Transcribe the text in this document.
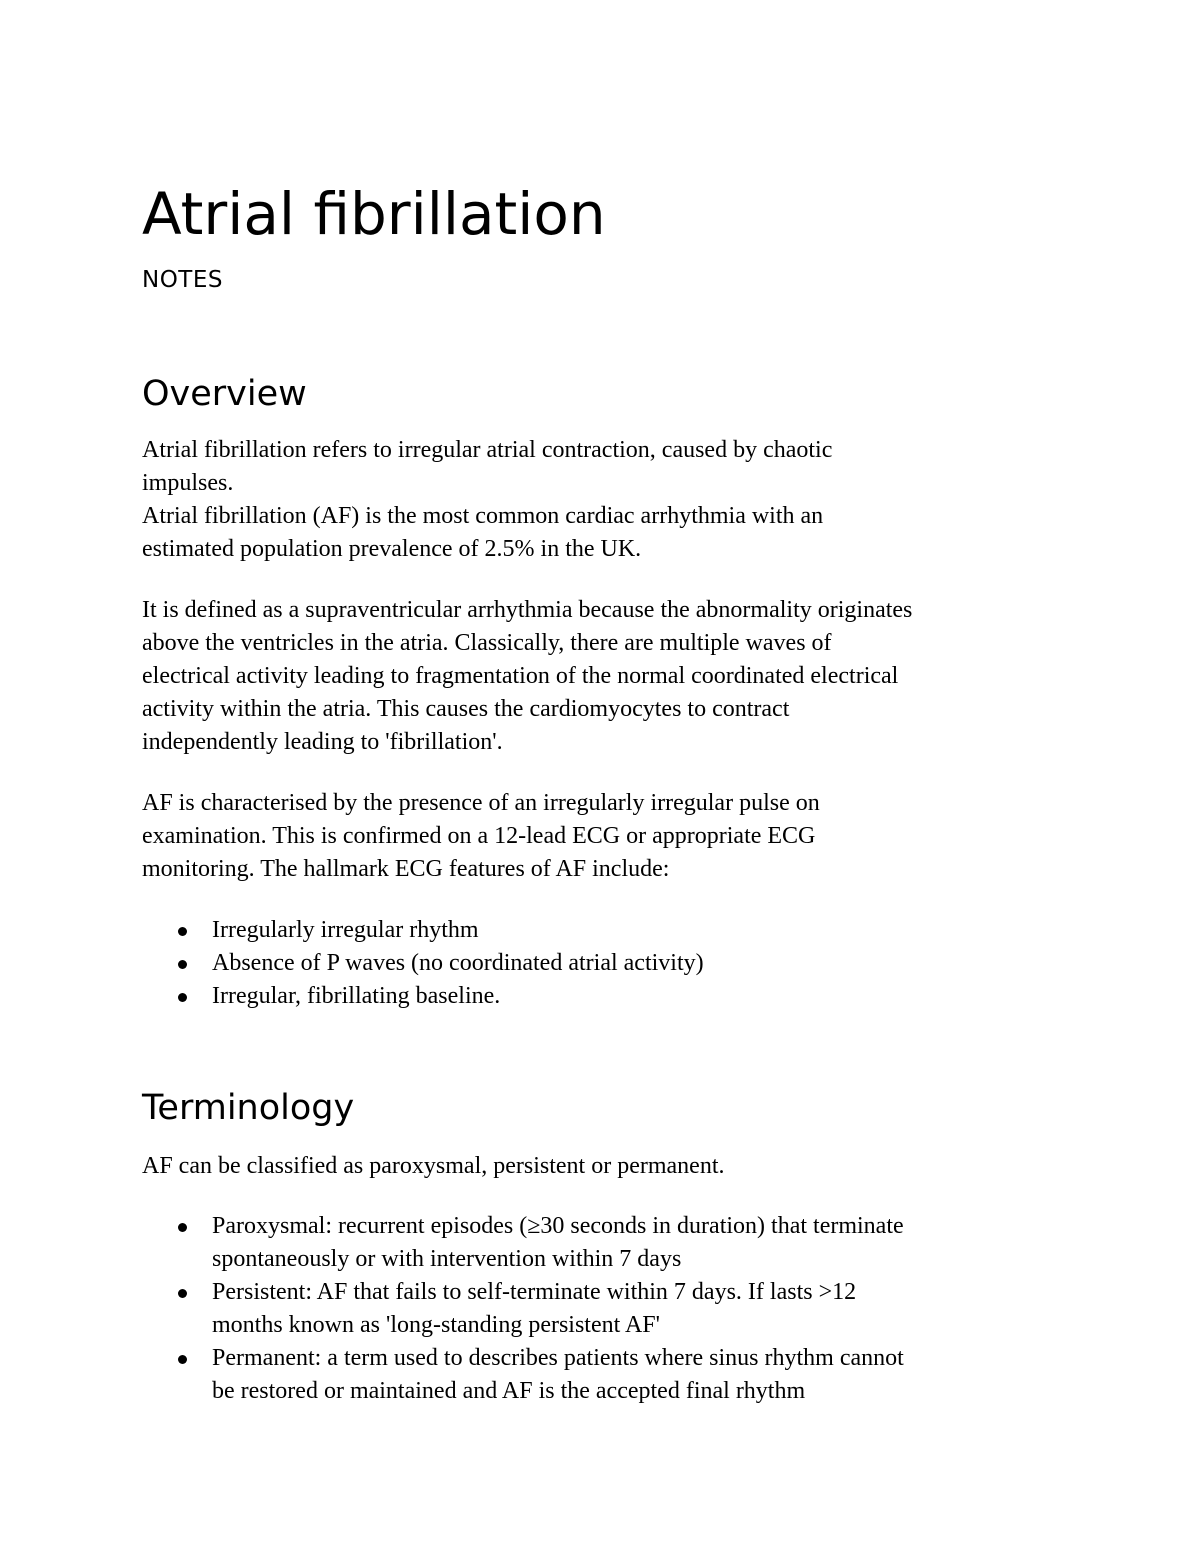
Atrial fibrillation
NOTES
Overview

Atrial fibrillation refers to irregular atrial contraction, caused by chaotic
impulses.
Atrial fibrillation (AF) is the most common cardiac arrhythmia with an
estimated population prevalence of 2.5% in the UK.

It is defined as a supraventricular arrhythmia because the abnormality originates
above the ventricles in the atria. Classically, there are multiple waves of
electrical activity leading to fragmentation of the normal coordinated electrical
activity within the atria. This causes the cardiomyocytes to contract
independently leading to 'fibrillation'.

AF is characterised by the presence of an irregularly irregular pulse on
examination. This is confirmed on a 12-lead ECG or appropriate ECG
monitoring. The hallmark ECG features of AF include:

Irregularly irregular rhythm
Absence of P waves (no coordinated atrial activity)
Irregular, fibrillating baseline.
Terminology

AF can be classified as paroxysmal, persistent or permanent.

Paroxysmal: recurrent episodes (≥30 seconds in duration) that terminate
spontaneously or with intervention within 7 days
Persistent: AF that fails to self-terminate within 7 days. If lasts >12
months known as 'long-standing persistent AF'
Permanent: a term used to describes patients where sinus rhythm cannot
be restored or maintained and AF is the accepted final rhythm
